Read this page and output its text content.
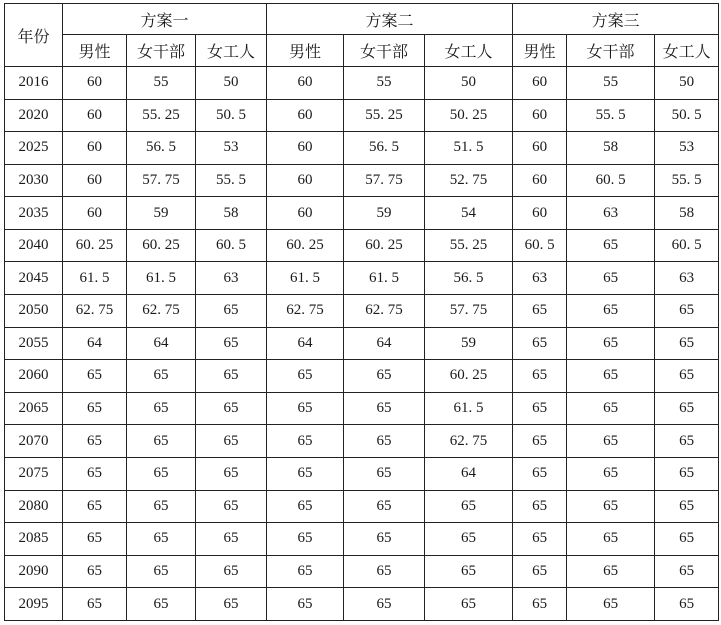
年份	方案一			方案二			方案三		
	男性	女干部	女工人	男性	女干部	女工人	男性	女干部	女工人
2016	60	55	50	60	55	50	60	55	50
2020	60	55. 25	50. 5	60	55. 25	50. 25	60	55. 5	50. 5
2025	60	56. 5	53	60	56. 5	51. 5	60	58	53
2030	60	57. 75	55. 5	60	57. 75	52. 75	60	60. 5	55. 5
2035	60	59	58	60	59	54	60	63	58
2040	60. 25	60. 25	60. 5	60. 25	60. 25	55. 25	60. 5	65	60. 5
2045	61. 5	61. 5	63	61. 5	61. 5	56. 5	63	65	63
2050	62. 75	62. 75	65	62. 75	62. 75	57. 75	65	65	65
2055	64	64	65	64	64	59	65	65	65
2060	65	65	65	65	65	60. 25	65	65	65
2065	65	65	65	65	65	61. 5	65	65	65
2070	65	65	65	65	65	62. 75	65	65	65
2075	65	65	65	65	65	64	65	65	65
2080	65	65	65	65	65	65	65	65	65
2085	65	65	65	65	65	65	65	65	65
2090	65	65	65	65	65	65	65	65	65
2095	65	65	65	65	65	65	65	65	65
